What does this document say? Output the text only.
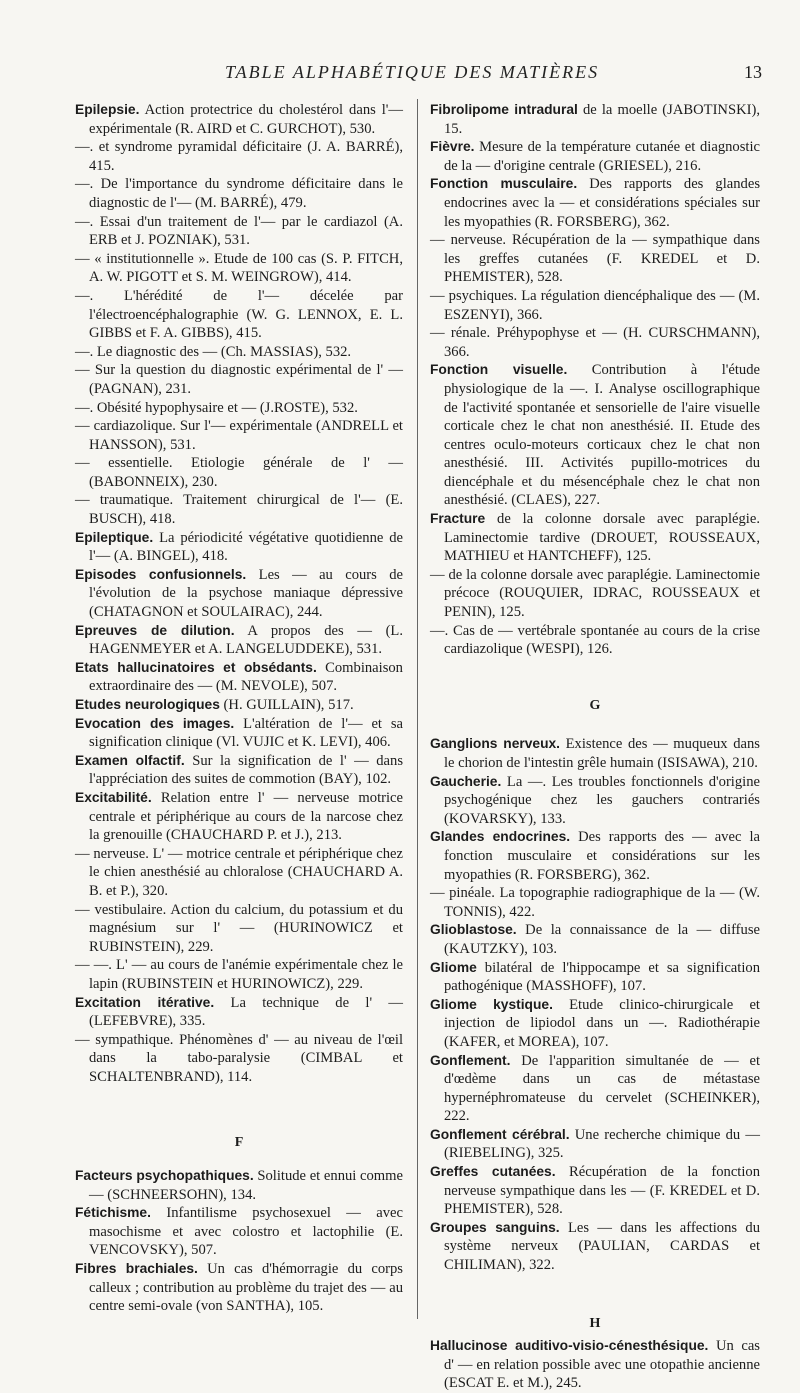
TABLE ALPHABÉTIQUE DES MATIÈRES	13

Epilepsie. Action protectrice du cholestérol dans l'— expérimentale (R. AIRD et C. GURCHOT), 530.

—. et syndrome pyramidal déficitaire (J. A. BARRÉ), 415.

—. De l'importance du syndrome déficitaire dans le diagnostic de l'— (M. BARRÉ), 479.

—. Essai d'un traitement de l'— par le cardiazol (A. ERB et J. POZNIAK), 531.

— « institutionnelle ». Etude de 100 cas (S. P. FITCH, A. W. PIGOTT et S. M. WEINGROW), 414.

—. L'hérédité de l'— décelée par l'électroencéphalographie (W. G. LENNOX, E. L. GIBBS et F. A. GIBBS), 415.

—. Le diagnostic des — (Ch. MASSIAS), 532.

— Sur la question du diagnostic expérimental de l' — (PAGNAN), 231.

—. Obésité hypophysaire et — (J.ROSTE), 532.

— cardiazolique. Sur l'— expérimentale (ANDRELL et HANSSON), 531.

— essentielle. Etiologie générale de l' — (BABONNEIX), 230.

— traumatique. Traitement chirurgical de l'— (E. BUSCH), 418.

Epileptique. La périodicité végétative quotidienne de l'— (A. BINGEL), 418.

Episodes confusionnels. Les — au cours de l'évolution de la psychose maniaque dépressive (CHATAGNON et SOULAIRAC), 244.

Epreuves de dilution. A propos des — (L. HAGENMEYER et A. LANGELUDDEKE), 531.

Etats hallucinatoires et obsédants. Combinaison extraordinaire des — (M. NEVOLE), 507.

Etudes neurologiques (H. GUILLAIN), 517.

Evocation des images. L'altération de l'— et sa signification clinique (Vl. VUJIC et K. LEVI), 406.

Examen olfactif. Sur la signification de l' — dans l'appréciation des suites de commotion (BAY), 102.

Excitabilité. Relation entre l' — nerveuse motrice centrale et périphérique au cours de la narcose chez la grenouille (CHAUCHARD P. et J.), 213.

— nerveuse. L' — motrice centrale et périphérique chez le chien anesthésié au chloralose (CHAUCHARD A. B. et P.), 320.

— vestibulaire. Action du calcium, du potassium et du magnésium sur l' — (HURINOWICZ et RUBINSTEIN), 229.

— —. L' — au cours de l'anémie expérimentale chez le lapin (RUBINSTEIN et HURINOWICZ), 229.

Excitation itérative. La technique de l' — (LEFEBVRE), 335.

— sympathique. Phénomènes d' — au niveau de l'œil dans la tabo-paralysie (CIMBAL et SCHALTENBRAND), 114.

F

Facteurs psychopathiques. Solitude et ennui comme — (SCHNEERSOHN), 134.

Fétichisme. Infantilisme psychosexuel — avec masochisme et avec colostro et lactophilie (E. VENCOVSKY), 507.

Fibres brachiales. Un cas d'hémorragie du corps calleux ; contribution au problème du trajet des — au centre semi-ovale (von SANTHA), 105.

Fibrolipome intradural de la moelle (JABOTINSKI), 15.

Fièvre. Mesure de la température cutanée et diagnostic de la — d'origine centrale (GRIESEL), 216.

Fonction musculaire. Des rapports des glandes endocrines avec la — et considérations spéciales sur les myopathies (R. FORSBERG), 362.

— nerveuse. Récupération de la — sympathique dans les greffes cutanées (F. KREDEL et D. PHEMISTER), 528.

— psychiques. La régulation diencéphalique des — (M. ESZENYI), 366.

— rénale. Préhypophyse et — (H. CURSCHMANN), 366.

Fonction visuelle. Contribution à l'étude physiologique de la —. I. Analyse oscillographique de l'activité spontanée et sensorielle de l'aire visuelle corticale chez le chat non anesthésié. II. Etude des centres oculo-moteurs corticaux chez le chat non anesthésié. III. Activités pupillo-motrices du diencéphale et du mésencéphale chez le chat non anesthésié. (CLAES), 227.

Fracture de la colonne dorsale avec paraplégie. Laminectomie tardive (DROUET, ROUSSEAUX, MATHIEU et HANTCHEFF), 125.

— de la colonne dorsale avec paraplégie. Laminectomie précoce (ROUQUIER, IDRAC, ROUSSEAUX et PENIN), 125.

—. Cas de — vertébrale spontanée au cours de la crise cardiazolique (WESPI), 126.

G

Ganglions nerveux. Existence des — muqueux dans le chorion de l'intestin grêle humain (ISISAWA), 210.

Gaucherie. La —. Les troubles fonctionnels d'origine psychogénique chez les gauchers contrariés (KOVARSKY), 133.

Glandes endocrines. Des rapports des — avec la fonction musculaire et considérations sur les myopathies (R. FORSBERG), 362.

— pinéale. La topographie radiographique de la — (W. TONNIS), 422.

Glioblastose. De la connaissance de la — diffuse (KAUTZKY), 103.

Gliome bilatéral de l'hippocampe et sa signification pathogénique (MASSHOFF), 107.

Gliome kystique. Etude clinico-chirurgicale et injection de lipiodol dans un —. Radiothérapie (KAFER, et MOREA), 107.

Gonflement. De l'apparition simultanée de — et d'œdème dans un cas de métastase hypernéphromateuse du cervelet (SCHEINKER), 222.

Gonflement cérébral. Une recherche chimique du — (RIEBELING), 325.

Greffes cutanées. Récupération de la fonction nerveuse sympathique dans les — (F. KREDEL et D. PHEMISTER), 528.

Groupes sanguins. Les — dans les affections du système nerveux (PAULIAN, CARDAS et CHILIMAN), 322.

H

Hallucinose auditivo-visio-cénesthésique. Un cas d' — en relation possible avec une otopathie ancienne (ESCAT E. et M.), 245.
